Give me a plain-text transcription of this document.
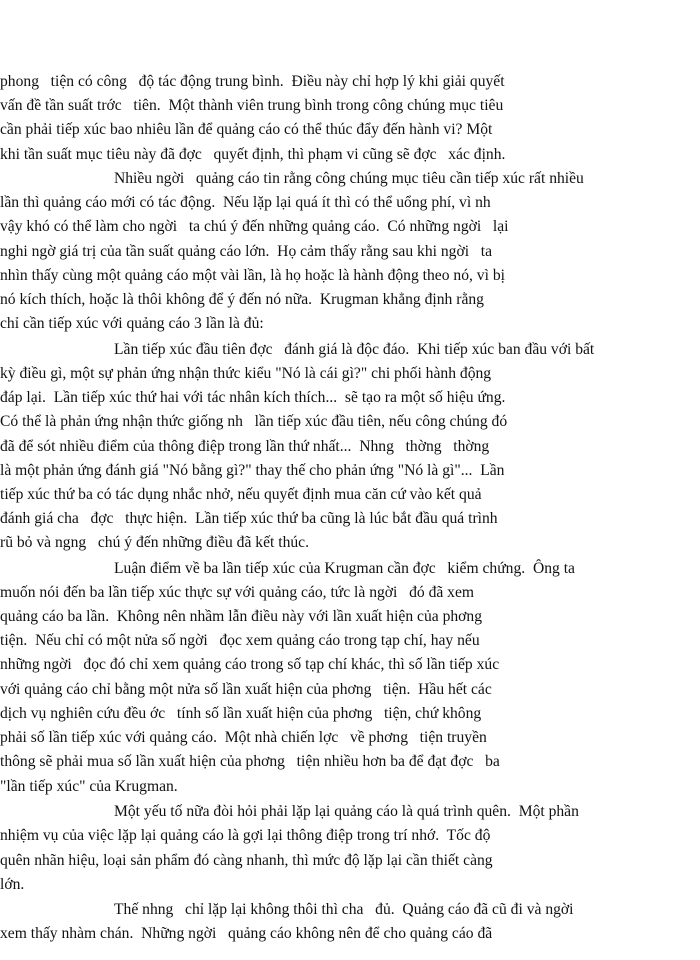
phong   tiện có công   độ tác động trung bình.  Điều này chỉ hợp lý khi giải quyết
vấn đề tần suất trớc   tiên.  Một thành viên trung bình trong công chúng mục tiêu
cần phải tiếp xúc bao nhiêu lần để quảng cáo có thể thúc đẩy đến hành vi? Một
khi tần suất mục tiêu này đã đợc   quyết định, thì phạm vi cũng sẽ đợc   xác định.
Nhiều ngời   quảng cáo tin rằng công chúng mục tiêu cần tiếp xúc rất nhiều
lần thì quảng cáo mới có tác động.  Nếu lặp lại quá ít thì có thể uổng phí, vì nh
vậy khó có thể làm cho ngời   ta chú ý đến những quảng cáo.  Có những ngời   lại
nghi ngờ giá trị của tần suất quảng cáo lớn.  Họ cảm thấy rằng sau khi ngời   ta
nhìn thấy cùng một quảng cáo một vài lần, là họ hoặc là hành động theo nó, vì bị
nó kích thích, hoặc là thôi không để ý đến nó nữa.  Krugman khẳng định rằng
chỉ cần tiếp xúc với quảng cáo 3 lần là đủ:
Lần tiếp xúc đầu tiên đợc   đánh giá là độc đáo.  Khi tiếp xúc ban đầu với bất
kỳ điều gì, một sự phản ứng nhận thức kiểu "Nó là cái gì?" chi phối hành động
đáp lại.  Lần tiếp xúc thứ hai với tác nhân kích thích...  sẽ tạo ra một số hiệu ứng.
Có thể là phản ứng nhận thức giống nh   lần tiếp xúc đầu tiên, nếu công chúng đó
đã để sót nhiều điểm của thông điệp trong lần thứ nhất...  Nhng   thờng   thờng
là một phản ứng đánh giá "Nó bằng gì?" thay thế cho phản ứng "Nó là gì"...  Lần
tiếp xúc thứ ba có tác dụng nhắc nhở, nếu quyết định mua căn cứ vào kết quả
đánh giá cha   đợc   thực hiện.  Lần tiếp xúc thứ ba cũng là lúc bắt đầu quá trình
rũ bỏ và ngng   chú ý đến những điều đã kết thúc.
Luận điểm về ba lần tiếp xúc của Krugman cần đợc   kiểm chứng.  Ông ta
muốn nói đến ba lần tiếp xúc thực sự với quảng cáo, tức là ngời   đó đã xem
quảng cáo ba lần.  Không nên nhầm lẫn điều này với lần xuất hiện của phơng
tiện.  Nếu chỉ có một nửa số ngời   đọc xem quảng cáo trong tạp chí, hay nếu
những ngời   đọc đó chỉ xem quảng cáo trong số tạp chí khác, thì số lần tiếp xúc
với quảng cáo chỉ bằng một nửa số lần xuất hiện của phơng   tiện.  Hầu hết các
dịch vụ nghiên cứu đều ớc   tính số lần xuất hiện của phơng   tiện, chứ không
phải số lần tiếp xúc với quảng cáo.  Một nhà chiến lợc   về phơng   tiện truyền
thông sẽ phải mua số lần xuất hiện của phơng   tiện nhiều hơn ba để đạt đợc   ba
"lần tiếp xúc" của Krugman.
Một yếu tố nữa đòi hỏi phải lặp lại quảng cáo là quá trình quên.  Một phần
nhiệm vụ của việc lặp lại quảng cáo là gợi lại thông điệp trong trí nhớ.  Tốc độ
quên nhãn hiệu, loại sản phẩm đó càng nhanh, thì mức độ lặp lại cần thiết càng
lớn.
Thế nhng   chỉ lặp lại không thôi thì cha   đủ.  Quảng cáo đã cũ đi và ngời
xem thấy nhàm chán.  Những ngời   quảng cáo không nên để cho quảng cáo đã
